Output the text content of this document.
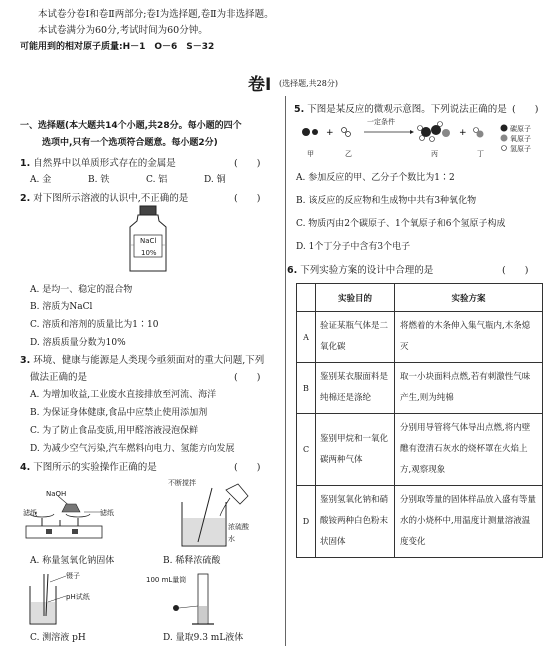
本试卷分卷Ⅰ和卷Ⅱ两部分;卷Ⅰ为选择题,卷Ⅱ为非选择题。
本试卷满分为60分,考试时间为60分钟。
可能用到的相对原子质量:H－1　O－6　S－32
卷Ⅰ (选择题,共28分)
一、选择题(本大题共14个小题,共28分。每小题的四个
选项中,只有一个选项符合题意。每小题2分)
1. 自然界中以单质形式存在的金属是	(　　)
A. 金	B. 铁	C. 铝	D. 铜
2. 对下图所示溶液的认识中,不正确的是	(　　)
NaCl
10%
A. 是均一、稳定的混合物
B. 溶质为NaCl
C. 溶质和溶剂的质量比为1∶10
D. 溶质质量分数为10%
3. 环境、健康与能源是人类现今亟须面对的重大问题,下列
做法正确的是	(　　)
A. 为增加收益,工业废水直接排放至河流、海洋
B. 为保证身体健康,食品中应禁止使用添加剂
C. 为了防止食品变质,用甲醛溶液浸泡保鲜
D. 为减少空气污染,汽车燃料向电力、氢能方向发展
4. 下图所示的实验操作正确的是	(　　)
NaOH
滤纸	滤纸
不断搅拌
浓硫酸
水
A. 称量氢氧化钠固体	B. 稀释浓硫酸
镊子
pH试纸
100 mL量筒
C. 测溶液 pH	D. 量取9.3 mL液体
5. 下图是某反应的微观示意图。下列说法正确的是 (　　)
+	+
一定条件
甲	乙	丙	丁
碳原子
氧原子
氢原子
A. 参加反应的甲、乙分子个数比为1∶2
B. 该反应的反应物和生成物中共有3种氧化物
C. 物质丙由2个碳原子、1个氧原子和6个氢原子构成
D. 1个丁分子中含有3个电子
6. 下列实验方案的设计中合理的是	(　　)
	实验目的	实验方案
A	验证某瓶气体是二氧化碳	将燃着的木条伸入集气瓶内,木条熄灭
B	鉴别某衣服面料是纯棉还是涤纶	取一小块面料点燃,若有刺激性气味产生,则为纯棉
C	鉴别甲烷和一氧化碳两种气体	分别用导管将气体导出点燃,将内壁醮有澄清石灰水的烧杯罩在火焰上方,观察现象
D	鉴别氢氧化钠和硝酸铵两种白色粉末状固体	分别取等量的固体样品放入盛有等量水的小烧杯中,用温度计测量溶液温度变化
